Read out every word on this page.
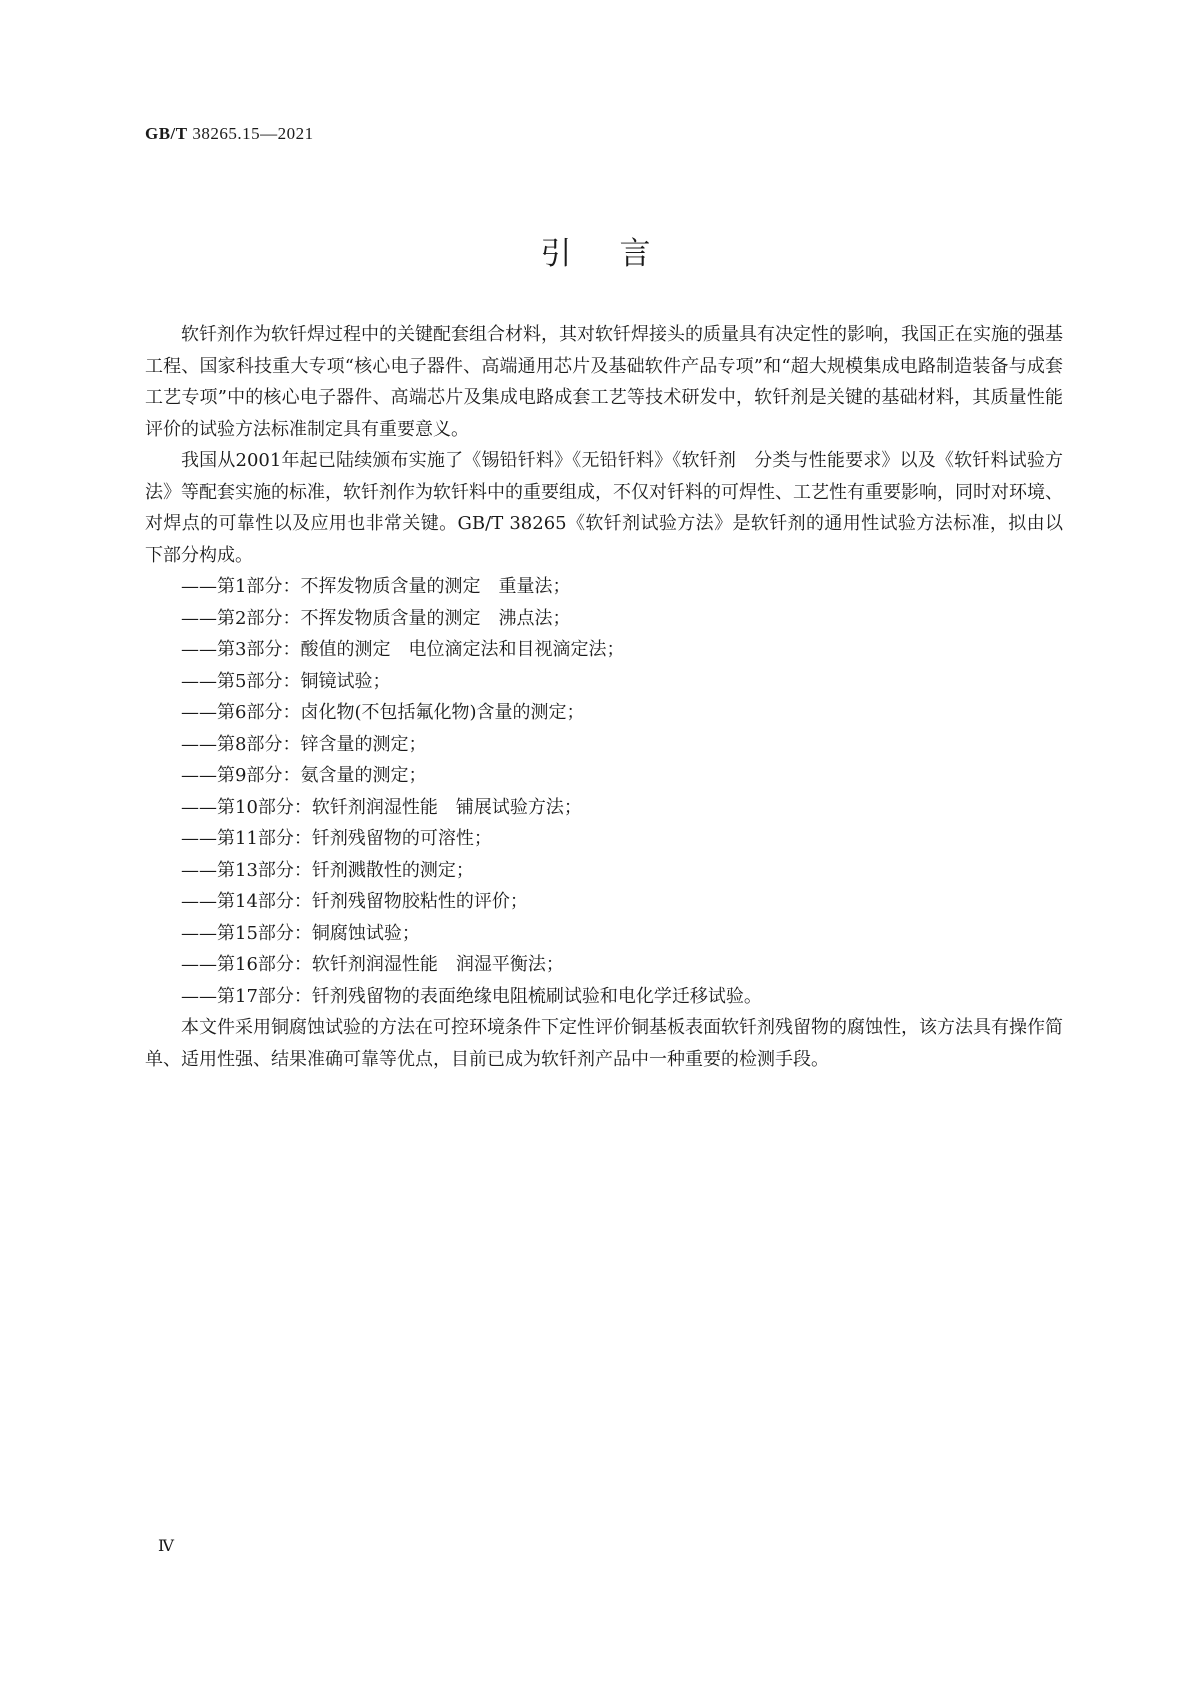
GB/T 38265.15—2021
引言

软钎剂作为软钎焊过程中的关键配套组合材料，其对软钎焊接头的质量具有决定性的影响，我国正在实施的强基工程、国家科技重大专项“核心电子器件、高端通用芯片及基础软件产品专项”和“超大规模集成电路制造装备与成套工艺专项”中的核心电子器件、高端芯片及集成电路成套工艺等技术研发中，软钎剂是关键的基础材料，其质量性能评价的试验方法标准制定具有重要意义。

我国从2001年起已陆续颁布实施了《锡铅钎料》《无铅钎料》《软钎剂　分类与性能要求》以及《软钎料试验方法》等配套实施的标准，软钎剂作为软钎料中的重要组成，不仅对钎料的可焊性、工艺性有重要影响，同时对环境、对焊点的可靠性以及应用也非常关键。GB/T 38265《软钎剂试验方法》是软钎剂的通用性试验方法标准，拟由以下部分构成。

——第1部分：不挥发物质含量的测定　重量法；
——第2部分：不挥发物质含量的测定　沸点法；
——第3部分：酸值的测定　电位滴定法和目视滴定法；
——第5部分：铜镜试验；
——第6部分：卤化物(不包括氟化物)含量的测定；
——第8部分：锌含量的测定；
——第9部分：氨含量的测定；
——第10部分：软钎剂润湿性能　铺展试验方法；
——第11部分：钎剂残留物的可溶性；
——第13部分：钎剂溅散性的测定；
——第14部分：钎剂残留物胶粘性的评价；
——第15部分：铜腐蚀试验；
——第16部分：软钎剂润湿性能　润湿平衡法；
——第17部分：钎剂残留物的表面绝缘电阻梳刷试验和电化学迁移试验。

本文件采用铜腐蚀试验的方法在可控环境条件下定性评价铜基板表面软钎剂残留物的腐蚀性，该方法具有操作简单、适用性强、结果准确可靠等优点，目前已成为软钎剂产品中一种重要的检测手段。

Ⅳ
